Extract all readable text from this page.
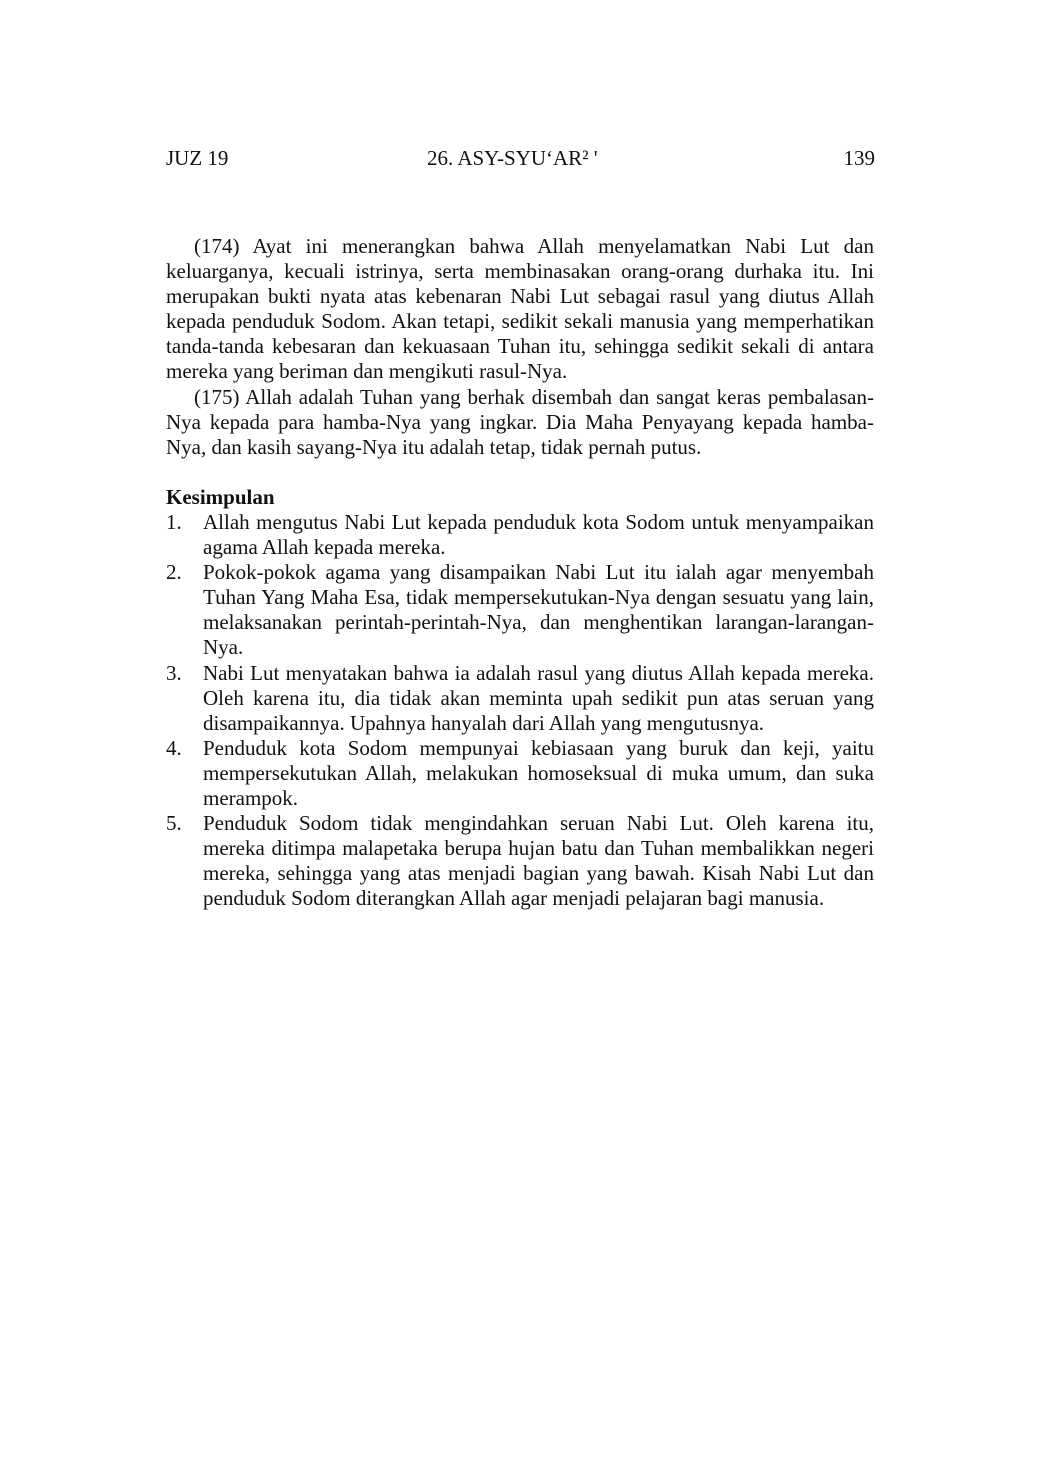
JUZ 19	26. ASY-SYU‘AR² '	139

(174) Ayat ini menerangkan bahwa Allah menyelamatkan Nabi Lut dan keluarganya, kecuali istrinya, serta membinasakan orang-orang durhaka itu. Ini merupakan bukti nyata atas kebenaran Nabi Lut sebagai rasul yang diutus Allah kepada penduduk Sodom. Akan tetapi, sedikit sekali manusia yang memperhatikan tanda-tanda kebesaran dan kekuasaan Tuhan itu, sehingga sedikit sekali di antara mereka yang beriman dan mengikuti rasul-Nya.

(175) Allah adalah Tuhan yang berhak disembah dan sangat keras pembalasan-Nya kepada para hamba-Nya yang ingkar. Dia Maha Penyayang kepada hamba-Nya, dan kasih sayang-Nya itu adalah tetap, tidak pernah putus.

Kesimpulan
1. Allah mengutus Nabi Lut kepada penduduk kota Sodom untuk menyampaikan agama Allah kepada mereka.
2. Pokok-pokok agama yang disampaikan Nabi Lut itu ialah agar menyembah Tuhan Yang Maha Esa, tidak mempersekutukan-Nya dengan sesuatu yang lain, melaksanakan perintah-perintah-Nya, dan menghentikan larangan-larangan-Nya.
3. Nabi Lut menyatakan bahwa ia adalah rasul yang diutus Allah kepada mereka. Oleh karena itu, dia tidak akan meminta upah sedikit pun atas seruan yang disampaikannya. Upahnya hanyalah dari Allah yang mengutusnya.
4. Penduduk kota Sodom mempunyai kebiasaan yang buruk dan keji, yaitu mempersekutukan Allah, melakukan homoseksual di muka umum, dan suka merampok.
5. Penduduk Sodom tidak mengindahkan seruan Nabi Lut. Oleh karena itu, mereka ditimpa malapetaka berupa hujan batu dan Tuhan membalikkan negeri mereka, sehingga yang atas menjadi bagian yang bawah. Kisah Nabi Lut dan penduduk Sodom diterangkan Allah agar menjadi pelajaran bagi manusia.
